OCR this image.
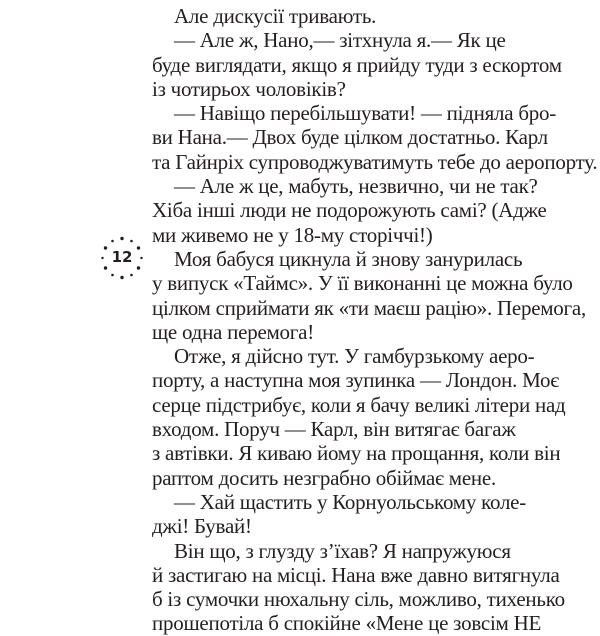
12
Але дискусії тривають.
— Але ж, Нано,— зітхнула я.— Як це
буде виглядати, якщо я прийду туди з ескортом
із чотирьох чоловіків?
— Навіщо перебільшувати! — підняла бро-
ви Нана.— Двох буде цілком достатньо. Карл
та Гайнріх супроводжуватимуть тебе до аеропорту.
— Але ж це, мабуть, незвично, чи не так?
Хіба інші люди не подорожують самі? (Адже
ми живемо не у 18-му сторіччі!)
Моя бабуся цикнула й знову занурилась
у випуск «Таймс». У її виконанні це можна було
цілком сприймати як «ти маєш рацію». Перемога,
ще одна перемога!
Отже, я дійсно тут. У гамбурзькому аеро-
порту, а наступна моя зупинка — Лондон. Моє
серце підстрибує, коли я бачу великі літери над
входом. Поруч — Карл, він витягає багаж
з автівки. Я киваю йому на прощання, коли він
раптом досить незграбно обіймає мене.
— Хай щастить у Корнуольському коле-
джі! Бувай!
Він що, з глузду з’їхав? Я напружуюся
й застигаю на місці. Нана вже давно витягнула
б із сумочки нюхальну сіль, можливо, тихенько
прошепотіла б спокійне «Мене це зовсім НЕ
